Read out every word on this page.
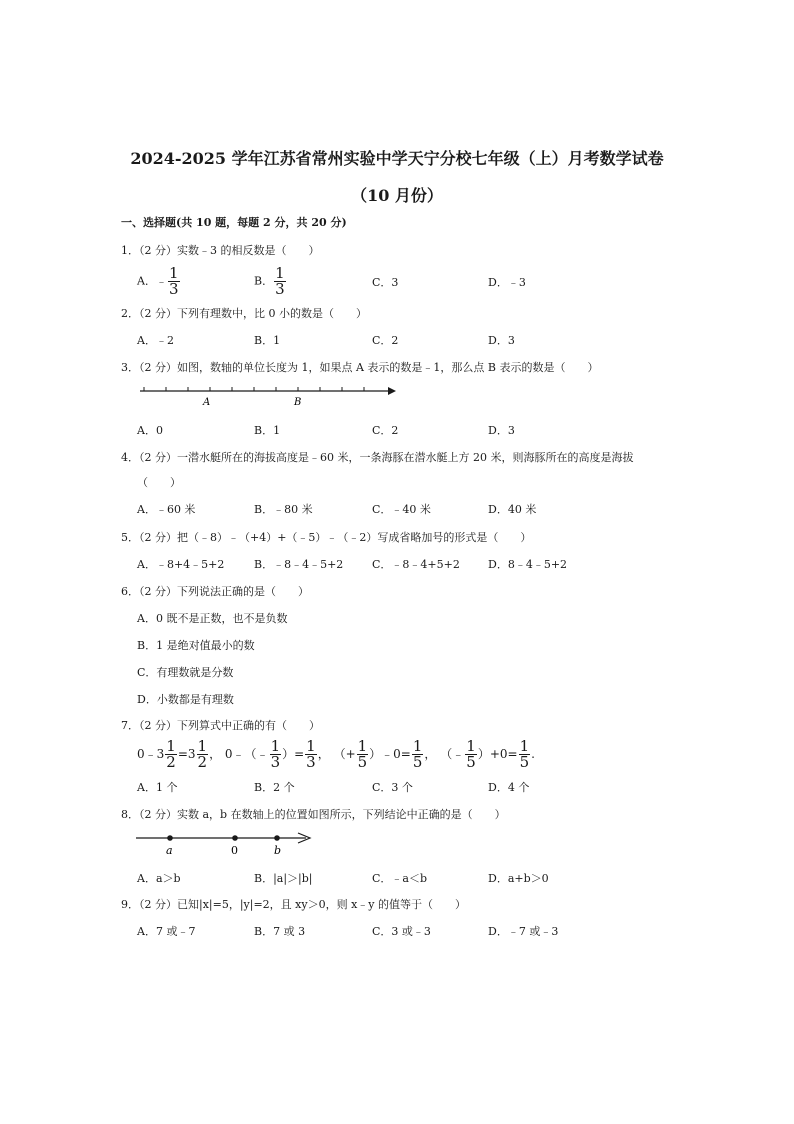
2024-2025 学年江苏省常州实验中学天宁分校七年级（上）月考数学试卷
（10 月份）
一、选择题(共 10 题，每题 2 分，共 20 分)
1．（2 分）实数﹣3 的相反数是（　　）
A．﹣ $\frac{1}{3}$	B． $\frac{1}{3}$	C．3	D．﹣3
2．（2 分）下列有理数中，比 0 小的数是（　　）
A．﹣2	B．1	C．2	D．3
3．（2 分）如图，数轴的单位长度为 1，如果点 A 表示的数是﹣1，那么点 B 表示的数是（　　）
A	B
A．0	B．1	C．2	D．3
4．（2 分）一潜水艇所在的海拔高度是﹣60 米，一条海豚在潜水艇上方 20 米，则海豚所在的高度是海拔
（　　）
A．﹣60 米	B．﹣80 米	C．﹣40 米	D．40 米
5．（2 分）把（﹣8）﹣（+4）+（﹣5）﹣（﹣2）写成省略加号的形式是（　　）
A．﹣8+4﹣5+2	B．﹣8﹣4﹣5+2	C．﹣8﹣4+5+2	D．8﹣4﹣5+2
6．（2 分）下列说法正确的是（　　）
A．0 既不是正数，也不是负数
B．1 是绝对值最小的数
C．有理数就是分数
D．小数都是有理数
7．（2 分）下列算式中正确的有（　　）
0﹣3 $\frac{1}{2} =3 \frac{1}{2}$ ， 0﹣（﹣ $\frac{1}{3}$ ）= $\frac{1}{3}$ ， （+ $\frac{1}{5}$ ）﹣0= $\frac{1}{5}$ ， （﹣ $\frac{1}{5} )+0= \frac{1}{5}$ .
A．1 个	B．2 个	C．3 个	D．4 个
8．（2 分）实数 a，b 在数轴上的位置如图所示，下列结论中正确的是（　　）
a	0	b
A．a＞b	B．|a|＞|b|	C．﹣a＜b	D．a+b＞0
9．（2 分）已知|x|=5，|y|=2，且 xy＞0，则 x﹣y 的值等于（　　）
A．7 或﹣7	B．7 或 3	C．3 或﹣3	D．﹣7 或﹣3
